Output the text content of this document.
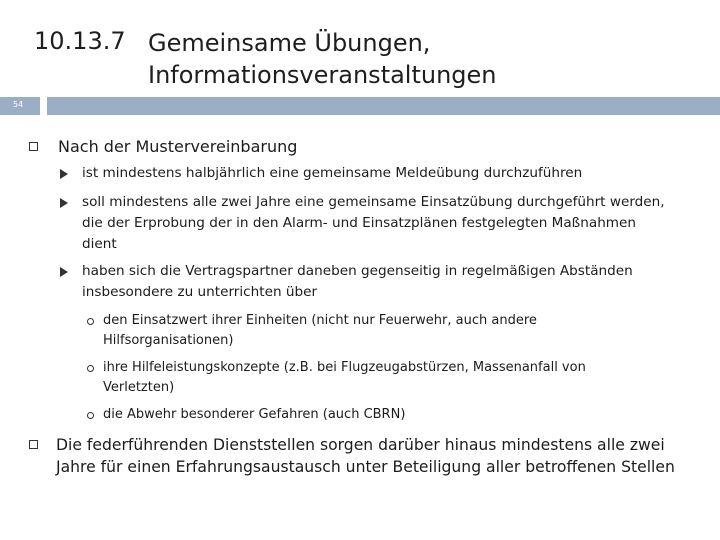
10.13.7 Gemeinsame Übungen,
Informationsveranstaltungen
54
Nach der Mustervereinbarung
ist mindestens halbjährlich eine gemeinsame Meldeübung durchzuführen
soll mindestens alle zwei Jahre eine gemeinsame Einsatzübung durchgeführt werden,
die der Erprobung der in den Alarm- und Einsatzplänen festgelegten Maßnahmen
dient
haben sich die Vertragspartner daneben gegenseitig in regelmäßigen Abständen
insbesondere zu unterrichten über
den Einsatzwert ihrer Einheiten (nicht nur Feuerwehr, auch andere
Hilfsorganisationen)
ihre Hilfeleistungskonzepte (z.B. bei Flugzeugabstürzen, Massenanfall von
Verletzten)
die Abwehr besonderer Gefahren (auch CBRN)
Die federführenden Dienststellen sorgen darüber hinaus mindestens alle zwei
Jahre für einen Erfahrungsaustausch unter Beteiligung aller betroffenen Stellen
